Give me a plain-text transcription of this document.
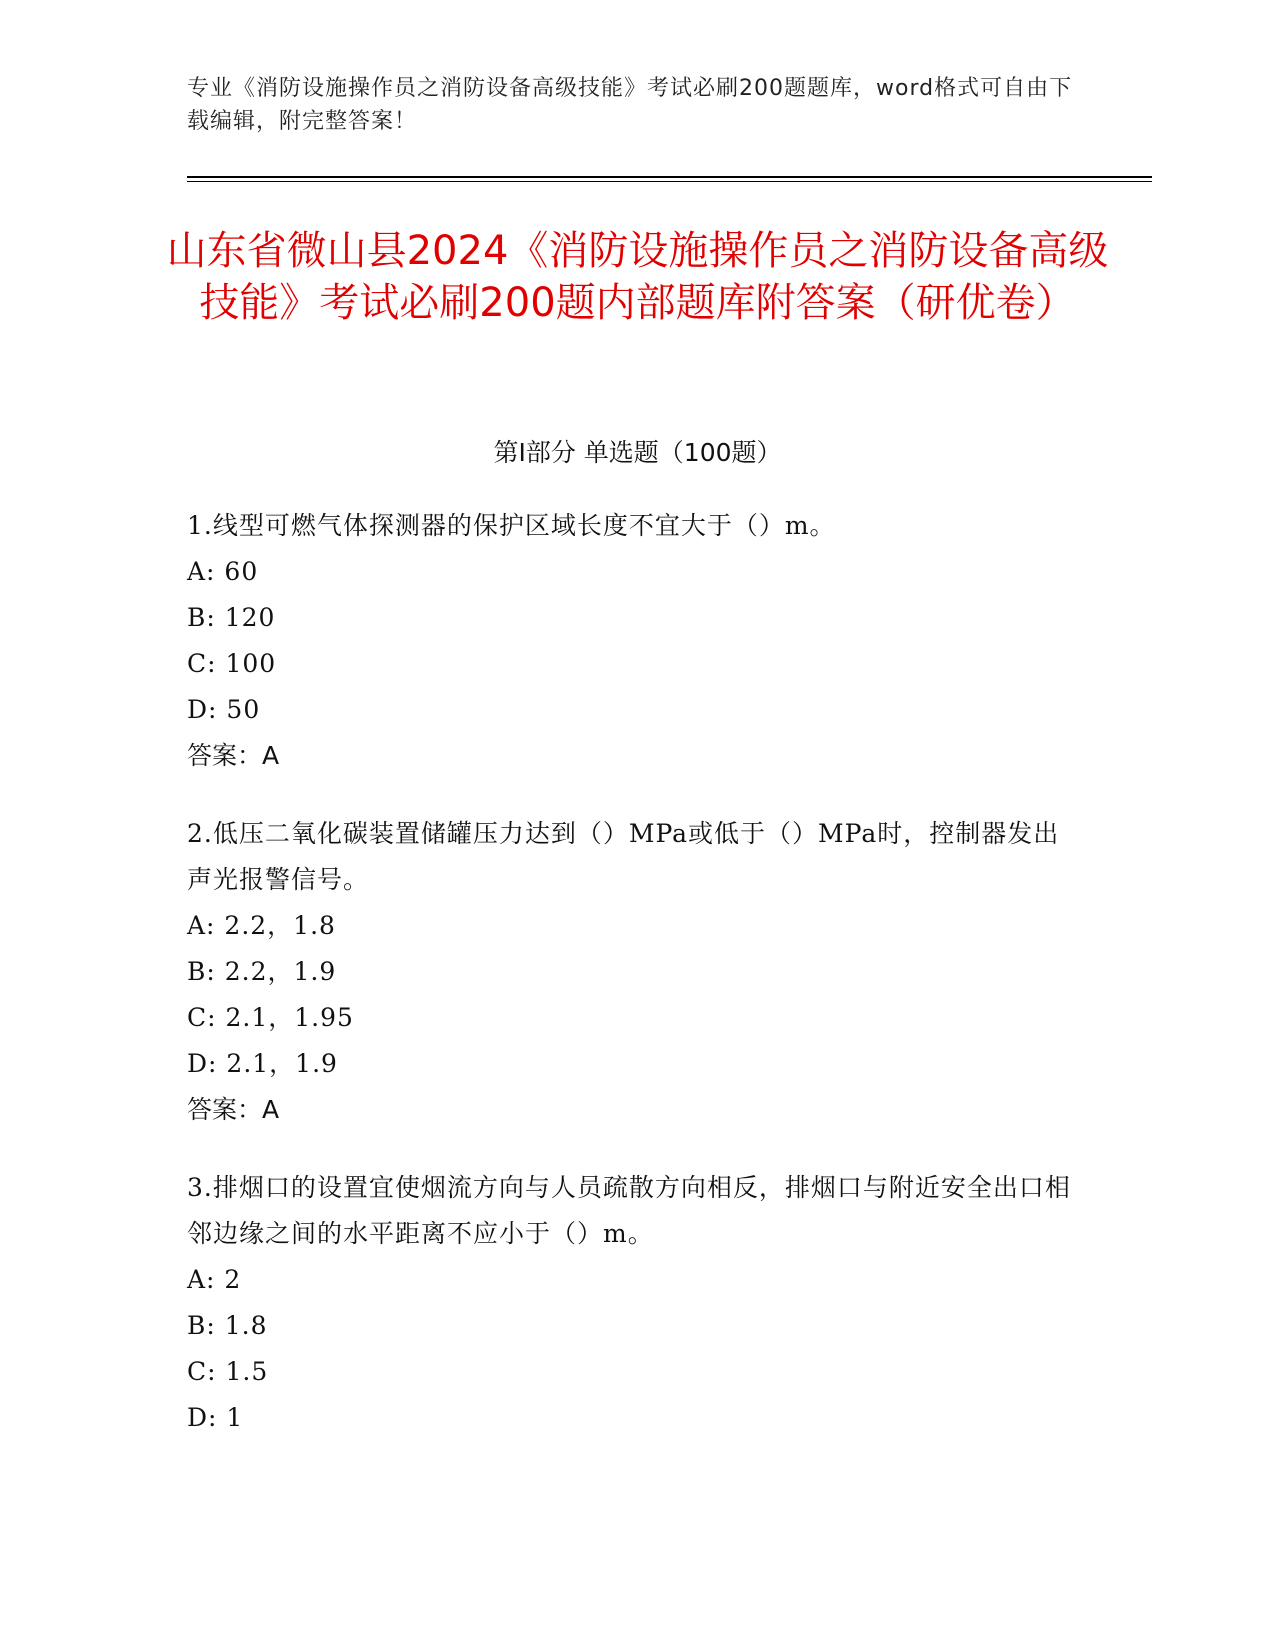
专业《消防设施操作员之消防设备高级技能》考试必刷200题题库，word格式可自由下载编辑，附完整答案！
山东省微山县2024《消防设施操作员之消防设备高级技能》考试必刷200题内部题库附答案（研优卷）
第I部分 单选题（100题）
1.线型可燃气体探测器的保护区域长度不宜大于（）m。
A: 60
B: 120
C: 100
D: 50
答案：A
2.低压二氧化碳装置储罐压力达到（）MPa或低于（）MPa时，控制器发出声光报警信号。
A: 2.2，1.8
B: 2.2，1.9
C: 2.1，1.95
D: 2.1，1.9
答案：A
3.排烟口的设置宜使烟流方向与人员疏散方向相反，排烟口与附近安全出口相邻边缘之间的水平距离不应小于（）m。
A: 2
B: 1.8
C: 1.5
D: 1
